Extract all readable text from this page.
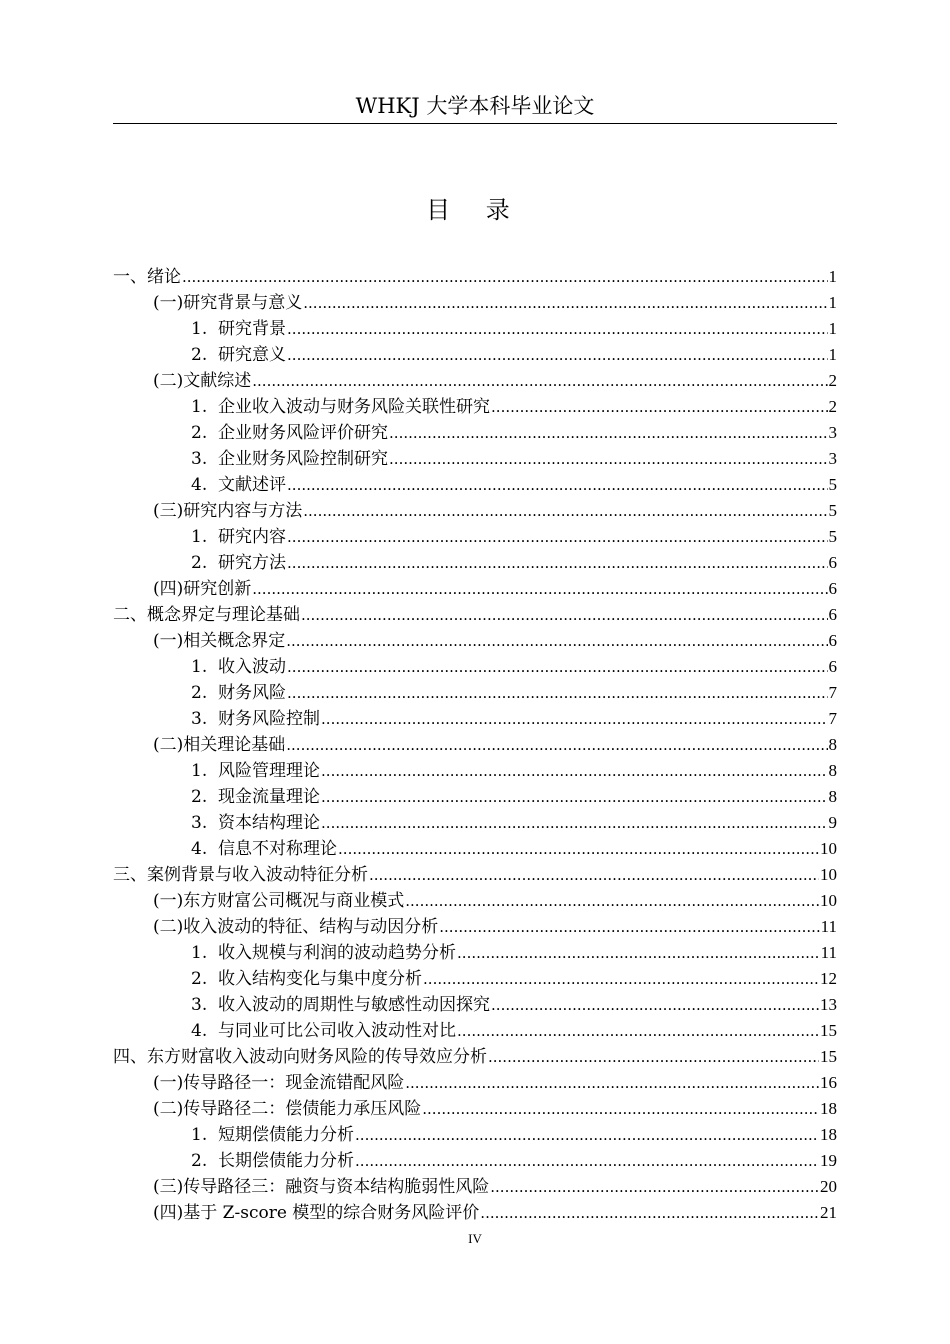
WHKJ 大学本科毕业论文
目 录
一、 绪论 .....	1
(一) 研究背景与意义 .....	1
1. 研究背景 .....	1
2. 研究意义 .....	1
(二) 文献综述 .....	2
1. 企业收入波动与财务风险关联性研究 .....	2
2. 企业财务风险评价研究 .....	3
3. 企业财务风险控制研究 .....	3
4. 文献述评 .....	5
(三) 研究内容与方法 .....	5
1. 研究内容 .....	5
2. 研究方法 .....	6
(四) 研究创新 .....	6
二、 概念界定与理论基础 .....	6
(一) 相关概念界定 .....	6
1. 收入波动 .....	6
2. 财务风险 .....	7
3. 财务风险控制 .....	7
(二) 相关理论基础 .....	8
1. 风险管理理论 .....	8
2. 现金流量理论 .....	8
3. 资本结构理论 .....	9
4. 信息不对称理论 .....	10
三、 案例背景与收入波动特征分析 .....	10
(一) 东方财富公司概况与商业模式 .....	10
(二) 收入波动的特征、结构与动因分析 .....	11
1. 收入规模与利润的波动趋势分析 .....	11
2. 收入结构变化与集中度分析 .....	12
3. 收入波动的周期性与敏感性动因探究 .....	13
4. 与同业可比公司收入波动性对比 .....	15
四、 东方财富收入波动向财务风险的传导效应分析 .....	15
(一) 传导路径一：现金流错配风险 .....	16
(二) 传导路径二：偿债能力承压风险 .....	18
1. 短期偿债能力分析 .....	18
2. 长期偿债能力分析 .....	19
(三) 传导路径三：融资与资本结构脆弱性风险 .....	20
(四) 基于 Z-score 模型的综合财务风险评价 .....	21
IV
